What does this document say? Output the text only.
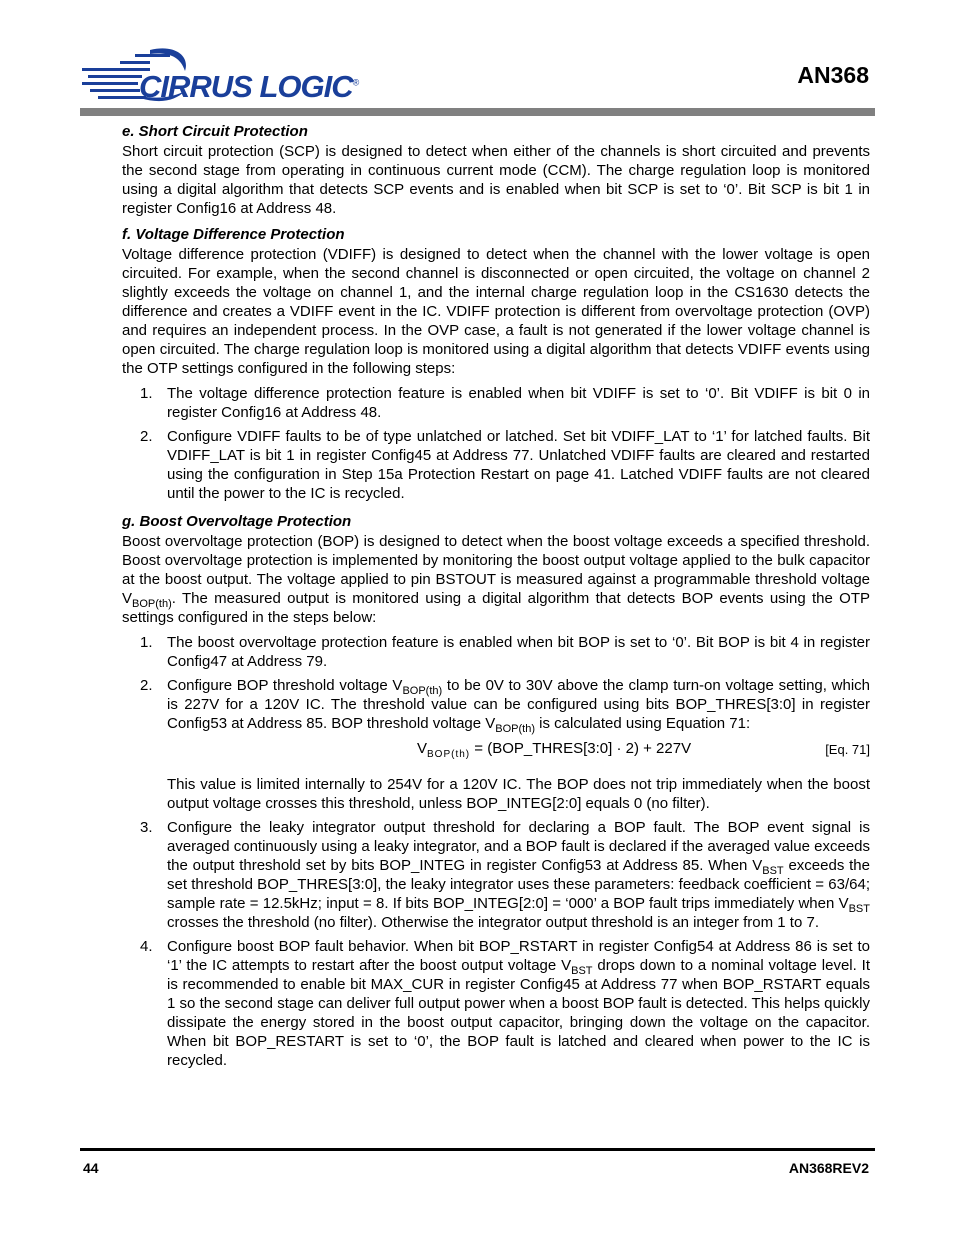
CIRRUS LOGIC®	AN368
e. Short Circuit Protection

Short circuit protection (SCP) is designed to detect when either of the channels is short circuited and prevents the second stage from operating in continuous current mode (CCM). The charge regulation loop is monitored using a digital algorithm that detects SCP events and is enabled when bit SCP is set to ‘0’. Bit SCP is bit 1 in register Config16 at Address 48.

f. Voltage Difference Protection

Voltage difference protection (VDIFF) is designed to detect when the channel with the lower voltage is open circuited. For example, when the second channel is disconnected or open circuited, the voltage on channel 2 slightly exceeds the voltage on channel 1, and the internal charge regulation loop in the CS1630 detects the difference and creates a VDIFF event in the IC. VDIFF protection is different from overvoltage protection (OVP) and requires an independent process. In the OVP case, a fault is not generated if the lower voltage channel is open circuited. The charge regulation loop is monitored using a digital algorithm that detects VDIFF events using the OTP settings configured in the following steps:

1. The voltage difference protection feature is enabled when bit VDIFF is set to ‘0’. Bit VDIFF is bit 0 in register Config16 at Address 48.
2. Configure VDIFF faults to be of type unlatched or latched. Set bit VDIFF_LAT to ‘1’ for latched faults. Bit VDIFF_LAT is bit 1 in register Config45 at Address 77. Unlatched VDIFF faults are cleared and restarted using the configuration in Step 15a Protection Restart on page 41. Latched VDIFF faults are not cleared until the power to the IC is recycled.
g. Boost Overvoltage Protection

Boost overvoltage protection (BOP) is designed to detect when the boost voltage exceeds a specified threshold. Boost overvoltage protection is implemented by monitoring the boost output voltage applied to the bulk capacitor at the boost output. The voltage applied to pin BSTOUT is measured against a programmable threshold voltage $V_{BOP(th)}$. The measured output is monitored using a digital algorithm that detects BOP events using the OTP settings configured in the steps below:

1. The boost overvoltage protection feature is enabled when bit BOP is set to ‘0’. Bit BOP is bit 4 in register Config47 at Address 79.
2. Configure BOP threshold voltage $V_{BOP(th)}$ to be 0V to 30V above the clamp turn-on voltage setting, which is 227V for a 120V IC. The threshold value can be configured using bits BOP_THRES[3:0] in register Config53 at Address 85. BOP threshold voltage $V_{BOP(th)}$ is calculated using Equation 71:
$V_{BOP(th)}$ = (BOP_THRES[3:0] · 2) + 227V	[Eq. 71]
This value is limited internally to 254V for a 120V IC. The BOP does not trip immediately when the boost output voltage crosses this threshold, unless BOP_INTEG[2:0] equals 0 (no filter).
3. Configure the leaky integrator output threshold for declaring a BOP fault. The BOP event signal is averaged continuously using a leaky integrator, and a BOP fault is declared if the averaged value exceeds the output threshold set by bits BOP_INTEG in register Config53 at Address 85. When $V_{BST}$ exceeds the set threshold BOP_THRES[3:0], the leaky integrator uses these parameters: feedback coefficient = 63/64; sample rate = 12.5kHz; input = 8. If bits BOP_INTEG[2:0] = ‘000’ a BOP fault trips immediately when $V_{BST}$ crosses the threshold (no filter). Otherwise the integrator output threshold is an integer from 1 to 7.
4. Configure boost BOP fault behavior. When bit BOP_RSTART in register Config54 at Address 86 is set to ‘1’ the IC attempts to restart after the boost output voltage $V_{BST}$ drops down to a nominal voltage level. It is recommended to enable bit MAX_CUR in register Config45 at Address 77 when BOP_RSTART equals 1 so the second stage can deliver full output power when a boost BOP fault is detected. This helps quickly dissipate the energy stored in the boost output capacitor, bringing down the voltage on the capacitor. When bit BOP_RESTART is set to ‘0’, the BOP fault is latched and cleared when power to the IC is recycled.
44	AN368REV2
